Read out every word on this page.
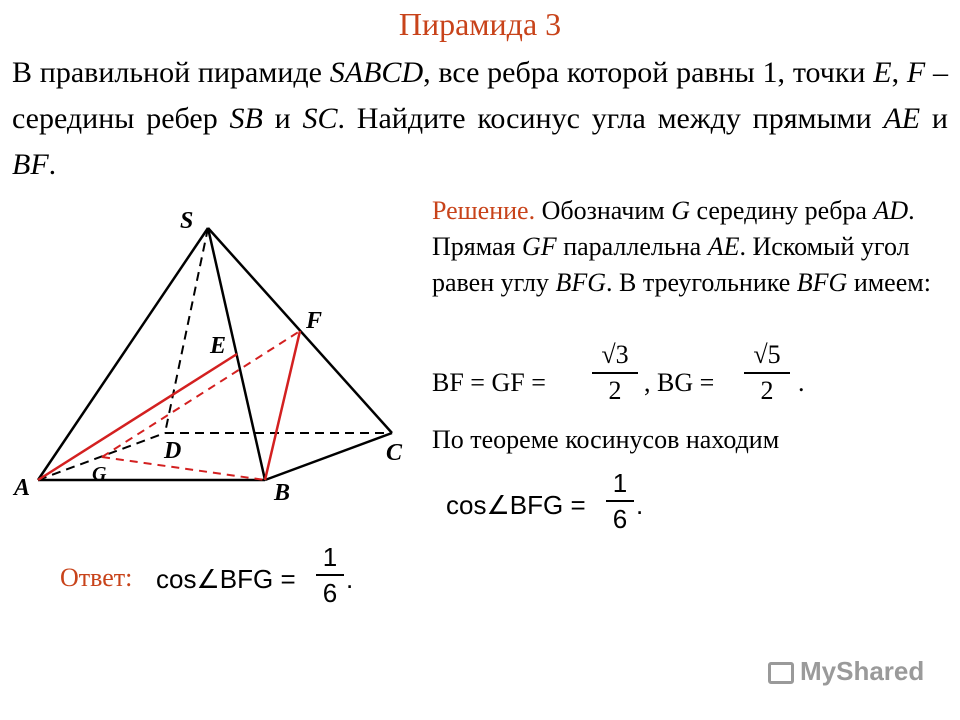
Пирамида 3
В правильной пирамиде SABCD, все ребра которой равны 1, точки E, F – середины ребер SB и SC. Найдите косинус угла между прямыми AE и BF.
S
A	B
C
D
E
F
G
Решение. Обозначим G середину ребра AD. Прямая GF параллельна AE. Искомый угол равен углу BFG. В треугольнике BFG имеем:
BF = GF =
√3
2 , BG =
√5
2 .
По теореме косинусов находим
cos∠BFG =
1
6 .
Ответ: cos∠BFG =
1
6 .
MyShared
